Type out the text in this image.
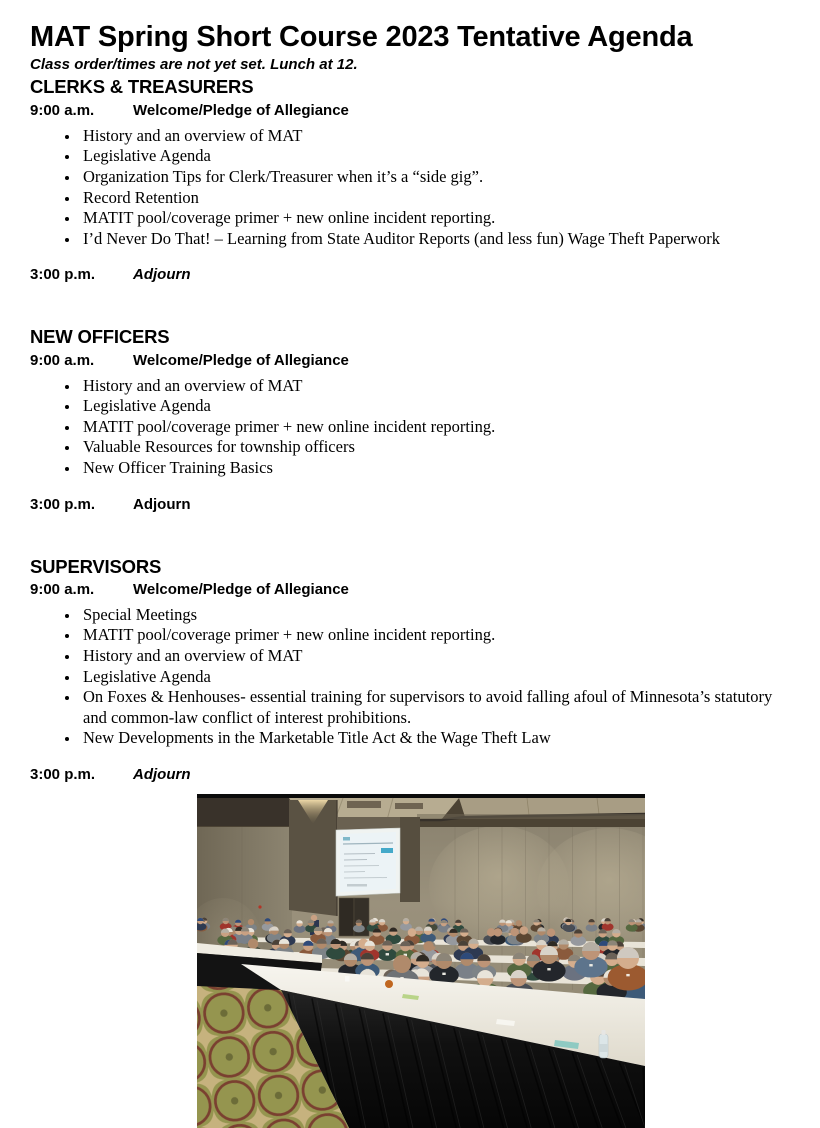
MAT Spring Short Course 2023 Tentative Agenda

Class order/times are not yet set. Lunch at 12.

CLERKS & TREASURERS
9:00 a.m.	Welcome/Pledge of Allegiance
• History and an overview of MAT
• Legislative Agenda
• Organization Tips for Clerk/Treasurer when it’s a “side gig”.
• Record Retention
• MATIT pool/coverage primer + new online incident reporting.
• I’d Never Do That! – Learning from State Auditor Reports (and less fun) Wage Theft Paperwork
3:00 p.m.	Adjourn
NEW OFFICERS
9:00 a.m.	Welcome/Pledge of Allegiance
• History and an overview of MAT
• Legislative Agenda
• MATIT pool/coverage primer + new online incident reporting.
• Valuable Resources for township officers
• New Officer Training Basics
3:00 p.m.	Adjourn
SUPERVISORS
9:00 a.m.	Welcome/Pledge of Allegiance
• Special Meetings
• MATIT pool/coverage primer + new online incident reporting.
• History and an overview of MAT
• Legislative Agenda
• On Foxes & Henhouses- essential training for supervisors to avoid falling afoul of Minnesota’s statutory and common-law conflict of interest prohibitions.
• New Developments in the Marketable Title Act & the Wage Theft Law
3:00 p.m.	Adjourn
